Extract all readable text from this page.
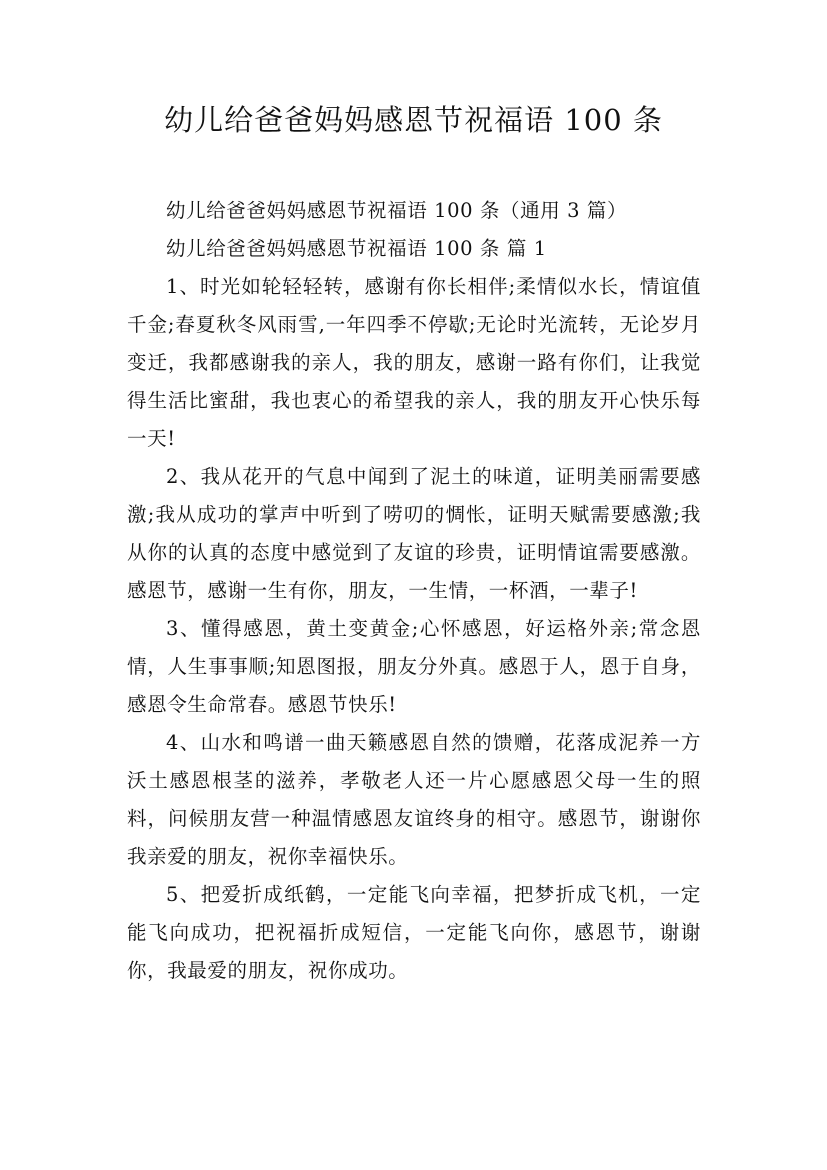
幼儿给爸爸妈妈感恩节祝福语 100 条

幼儿给爸爸妈妈感恩节祝福语 100 条（通用 3 篇）

幼儿给爸爸妈妈感恩节祝福语 100 条 篇 1

1、时光如轮轻轻转，感谢有你长相伴;柔情似水长，情谊值千金;春夏秋冬风雨雪,一年四季不停歇;无论时光流转，无论岁月变迁，我都感谢我的亲人，我的朋友，感谢一路有你们，让我觉得生活比蜜甜，我也衷心的希望我的亲人，我的朋友开心快乐每一天!

2、我从花开的气息中闻到了泥土的味道，证明美丽需要感激;我从成功的掌声中听到了唠叨的惆怅，证明天赋需要感激;我从你的认真的态度中感觉到了友谊的珍贵，证明情谊需要感激。感恩节，感谢一生有你，朋友，一生情，一杯酒，一辈子!

3、懂得感恩，黄土变黄金;心怀感恩，好运格外亲;常念恩情，人生事事顺;知恩图报，朋友分外真。感恩于人，恩于自身，感恩令生命常春。感恩节快乐!

4、山水和鸣谱一曲天籁感恩自然的馈赠，花落成泥养一方沃土感恩根茎的滋养，孝敬老人还一片心愿感恩父母一生的照料，问候朋友营一种温情感恩友谊终身的相守。感恩节，谢谢你我亲爱的朋友，祝你幸福快乐。

5、把爱折成纸鹤，一定能飞向幸福，把梦折成飞机，一定能飞向成功，把祝福折成短信，一定能飞向你，感恩节，谢谢你，我最爱的朋友，祝你成功。
